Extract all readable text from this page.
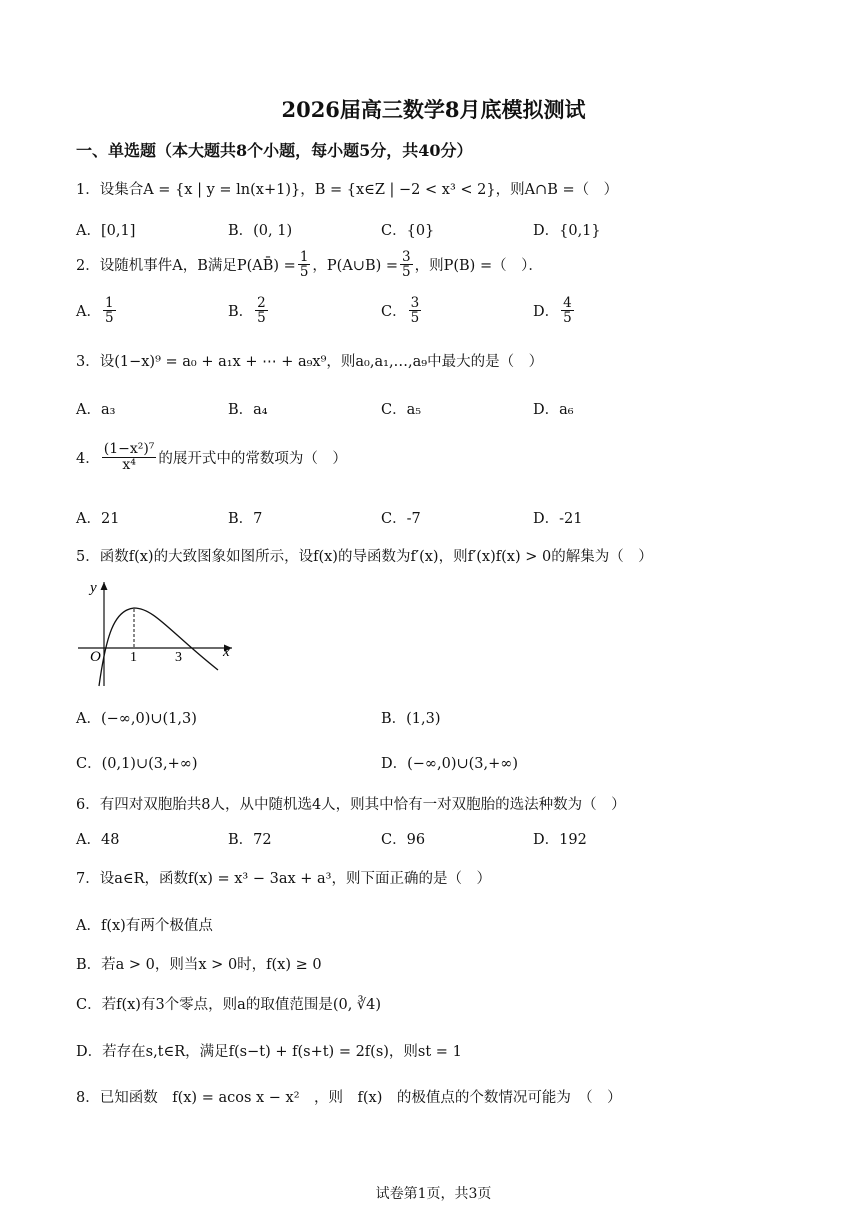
2026届高三数学8月底模拟测试
一、单选题（本大题共8个小题，每小题5分，共40分）
1．设集合A = {x | y = ln(x+1)}，B = {x∈Z | −2 < x³ < 2}，则A∩B =（　）
A．[0,1]	B．(0, 1)	C．{0}	D．{0,1}
2．设随机事件A，B满足P(AB̄) = $\frac{1}{5}$ ，P(A∪B) = $\frac{3}{5}$ ，则P(B) =（　）．
A． $\frac{1}{5}$	B． $\frac{2}{5}$	C． $\frac{3}{5}$	D． $\frac{4}{5}$
3．设(1−x)⁹ = a₀ + a₁x + ⋯ + a₉x⁹，则a₀,a₁,…,a₉中最大的是（　）
A．a₃	B．a₄	C．a₅	D．a₆
4． $\frac{\text{(1−x²)⁷}}{\text{x⁴}}$ 的展开式中的常数项为（　）
A．21	B．7	C．-7	D．-21
5．函数f(x)的大致图象如图所示，设f(x)的导函数为f′(x)，则f′(x)f(x) > 0的解集为（　）
y
x
O 1	3
A．(−∞,0)∪(1,3)	B．(1,3)
C．(0,1)∪(3,+∞)	D．(−∞,0)∪(3,+∞)
6．有四对双胞胎共8人，从中随机选4人，则其中恰有一对双胞胎的选法种数为（　）
A．48	B．72	C．96	D．192
7．设a∈R，函数f(x) = x³ − 3ax + a³，则下面正确的是（　）
A．f(x)有两个极值点
B．若a > 0，则当x > 0时，f(x) ≥ 0
C．若f(x)有3个零点，则a的取值范围是(0, ∛4)
D．若存在s,t∈R，满足f(s−t) + f(s+t) = 2f(s)，则st = 1
8．已知函数　f(x) = acos x − x²　，则　f(x)　的极值点的个数情况可能为　（　）
试卷第1页，共3页
